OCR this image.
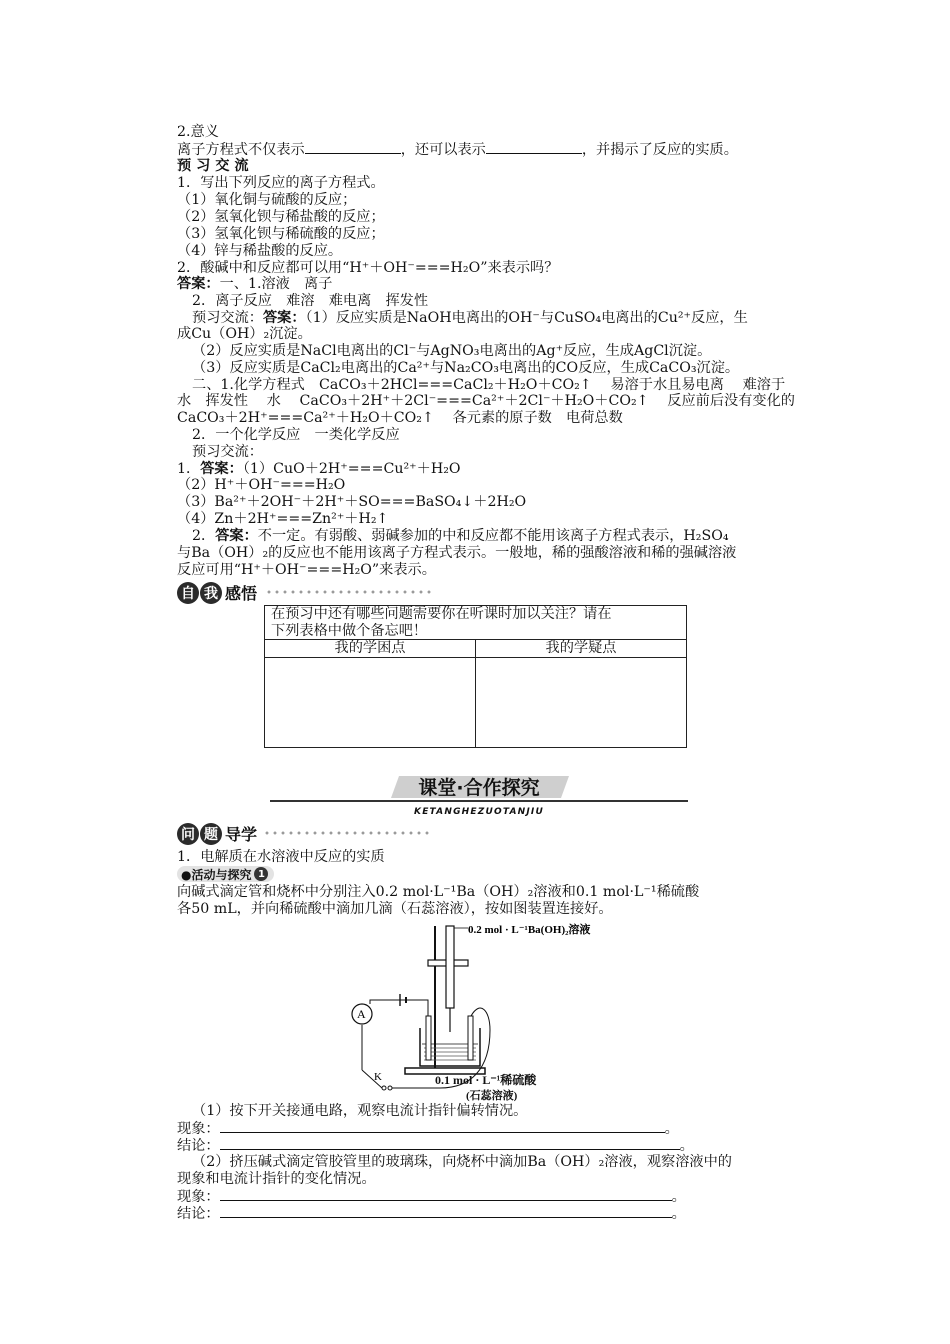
2.意义
离子方程式不仅表示	，还可以表示	，并揭示了反应的实质。
预 习 交 流
1．写出下列反应的离子方程式。
（1）氧化铜与硫酸的反应；
（2）氢氧化钡与稀盐酸的反应；
（3）氢氧化钡与稀硫酸的反应；
（4）锌与稀盐酸的反应。
2．酸碱中和反应都可以用“H⁺＋OH⁻===H₂O”来表示吗？
答案：一、1.溶液　离子
2．离子反应　难溶　难电离　挥发性
预习交流：答案：（1）反应实质是NaOH电离出的OH⁻与CuSO₄电离出的Cu²⁺反应，生
成Cu（OH）₂沉淀。
（2）反应实质是NaCl电离出的Cl⁻与AgNO₃电离出的Ag⁺反应，生成AgCl沉淀。
（3）反应实质是CaCl₂电离出的Ca²⁺与Na₂CO₃电离出的CO反应，生成CaCO₃沉淀。
二、1.化学方程式　CaCO₃＋2HCl===CaCl₂＋H₂O＋CO₂↑　 易溶于水且易电离　 难溶于
水　挥发性　 水　 CaCO₃＋2H⁺＋2Cl⁻===Ca²⁺＋2Cl⁻＋H₂O＋CO₂↑　 反应前后没有变化的
CaCO₃＋2H⁺===Ca²⁺＋H₂O＋CO₂↑　 各元素的原子数　电荷总数
2．一个化学反应　一类化学反应
预习交流：
1．答案：（1）CuO＋2H⁺===Cu²⁺＋H₂O
（2）H⁺＋OH⁻===H₂O
（3）Ba²⁺＋2OH⁻＋2H⁺＋SO===BaSO₄↓＋2H₂O
（4）Zn＋2H⁺===Zn²⁺＋H₂↑
2．答案：不一定。有弱酸、弱碱参加的中和反应都不能用该离子方程式表示，H₂SO₄
与Ba（OH）₂的反应也不能用该离子方程式表示。一般地，稀的强酸溶液和稀的强碱溶液
反应可用“H⁺＋OH⁻===H₂O”来表示。
自 我 感悟
在预习中还有哪些问题需要你在听课时加以关注？请在
下列表格中做个备忘吧！	
我的学困点	我的学疑点

课堂·合作探究
KETANGHEZUOTANJIU
问 题 导学
1．电解质在水溶液中反应的实质
●活动与探究 1
向碱式滴定管和烧杯中分别注入0.2 mol·L⁻¹Ba（OH）₂溶液和0.1 mol·L⁻¹稀硫酸
各50 mL，并向稀硫酸中滴加几滴（石蕊溶液），按如图装置连接好。
0.2 mol · L⁻¹Ba(OH)₂溶液
A
K	0.1 mol · L⁻¹稀硫酸
(石蕊溶液)
（1）按下开关接通电路，观察电流计指针偏转情况。
现象：	。
结论：	。
（2）挤压碱式滴定管胶管里的玻璃珠，向烧杯中滴加Ba（OH）₂溶液，观察溶液中的
现象和电流计指针的变化情况。
现象：	。
结论：	。
